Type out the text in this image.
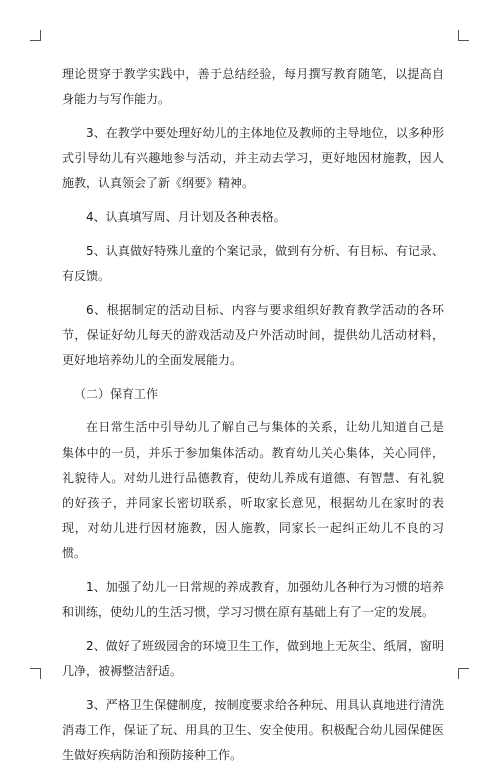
理论贯穿于教学实践中，善于总结经验，每月撰写教育随笔，以提高自身能力与写作能力。

3、在教学中要处理好幼儿的主体地位及教师的主导地位，以多种形式引导幼儿有兴趣地参与活动，并主动去学习，更好地因材施教，因人施教，认真领会了新《纲要》精神。

4、认真填写周、月计划及各种表格。

5、认真做好特殊儿童的个案记录，做到有分析、有目标、有记录、有反馈。

6、根据制定的活动目标、内容与要求组织好教育教学活动的各环节，保证好幼儿每天的游戏活动及户外活动时间，提供幼儿活动材料，更好地培养幼儿的全面发展能力。

（二）保育工作

在日常生活中引导幼儿了解自己与集体的关系，让幼儿知道自己是集体中的一员，并乐于参加集体活动。教育幼儿关心集体，关心同伴，礼貌待人。对幼儿进行品德教育，使幼儿养成有道德、有智慧、有礼貌的好孩子，并同家长密切联系，听取家长意见，根据幼儿在家时的表现，对幼儿进行因材施教，因人施教，同家长一起纠正幼儿不良的习惯。

1、加强了幼儿一日常规的养成教育，加强幼儿各种行为习惯的培养和训练，使幼儿的生活习惯，学习习惯在原有基础上有了一定的发展。

2、做好了班级园舍的环境卫生工作，做到地上无灰尘、纸屑，窗明几净，被褥整洁舒适。

3、严格卫生保健制度，按制度要求给各种玩、用具认真地进行清洗消毒工作，保证了玩、用具的卫生、安全使用。积极配合幼儿园保健医生做好疾病防治和预防接种工作。
